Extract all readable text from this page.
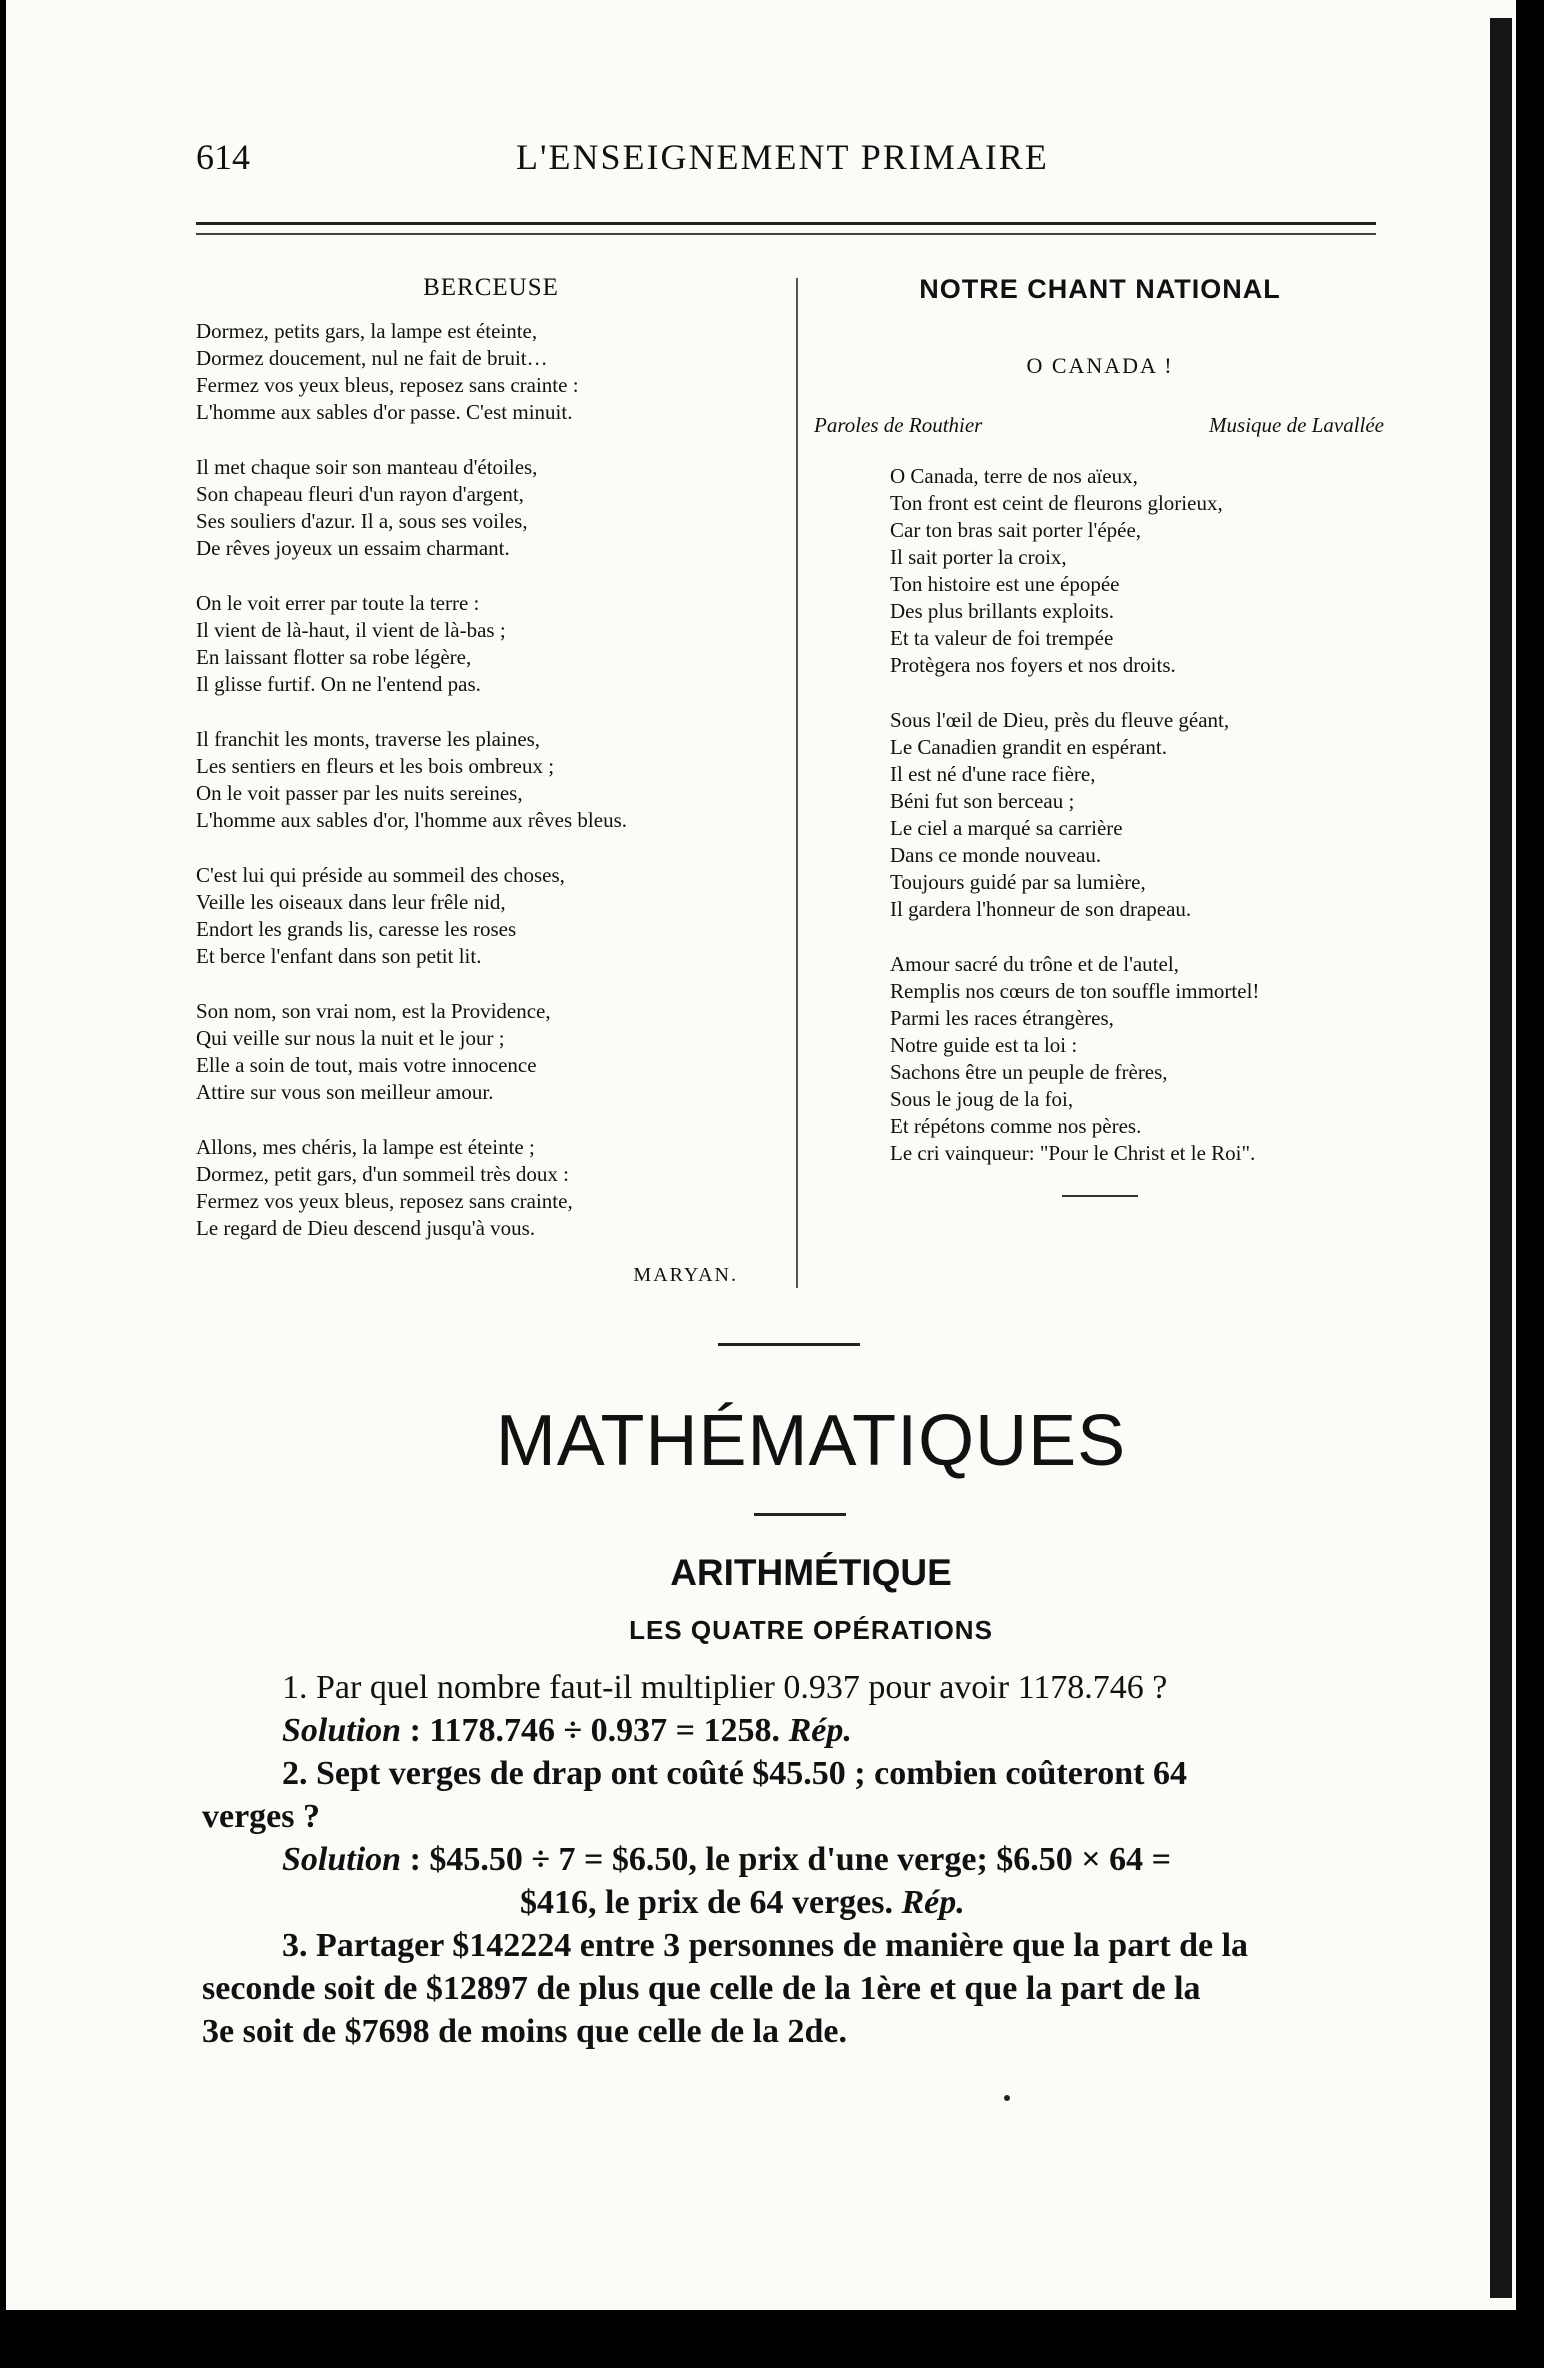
614	L'ENSEIGNEMENT PRIMAIRE
BERCEUSE
Dormez, petits gars, la lampe est éteinte,
Dormez doucement, nul ne fait de bruit…
Fermez vos yeux bleus, reposez sans crainte :
L'homme aux sables d'or passe. C'est minuit.
Il met chaque soir son manteau d'étoiles,
Son chapeau fleuri d'un rayon d'argent,
Ses souliers d'azur. Il a, sous ses voiles,
De rêves joyeux un essaim charmant.
On le voit errer par toute la terre :
Il vient de là-haut, il vient de là-bas ;
En laissant flotter sa robe légère,
Il glisse furtif. On ne l'entend pas.
Il franchit les monts, traverse les plaines,
Les sentiers en fleurs et les bois ombreux ;
On le voit passer par les nuits sereines,
L'homme aux sables d'or, l'homme aux rêves bleus.
C'est lui qui préside au sommeil des choses,
Veille les oiseaux dans leur frêle nid,
Endort les grands lis, caresse les roses
Et berce l'enfant dans son petit lit.
Son nom, son vrai nom, est la Providence,
Qui veille sur nous la nuit et le jour ;
Elle a soin de tout, mais votre innocence
Attire sur vous son meilleur amour.
Allons, mes chéris, la lampe est éteinte ;
Dormez, petit gars, d'un sommeil très doux :
Fermez vos yeux bleus, reposez sans crainte,
Le regard de Dieu descend jusqu'à vous.
MARYAN.
NOTRE CHANT NATIONAL
O CANADA !
Paroles de Routhier	Musique de Lavallée
O Canada, terre de nos aïeux,
Ton front est ceint de fleurons glorieux,
Car ton bras sait porter l'épée,
Il sait porter la croix,
Ton histoire est une épopée
Des plus brillants exploits.
Et ta valeur de foi trempée
Protègera nos foyers et nos droits.
Sous l'œil de Dieu, près du fleuve géant,
Le Canadien grandit en espérant.
Il est né d'une race fière,
Béni fut son berceau ;
Le ciel a marqué sa carrière
Dans ce monde nouveau.
Toujours guidé par sa lumière,
Il gardera l'honneur de son drapeau.
Amour sacré du trône et de l'autel,
Remplis nos cœurs de ton souffle immortel!
Parmi les races étrangères,
Notre guide est ta loi :
Sachons être un peuple de frères,
Sous le joug de la foi,
Et répétons comme nos pères.
Le cri vainqueur: "Pour le Christ et le Roi".
MATHÉMATIQUES
ARITHMÉTIQUE
LES QUATRE OPÉRATIONS
1. Par quel nombre faut-il multiplier 0.937 pour avoir 1178.746 ?
Solution : 1178.746 ÷ 0.937 = 1258. Rép.
2. Sept verges de drap ont coûté $45.50 ; combien coûteront 64
verges ?
Solution : $45.50 ÷ 7 = $6.50, le prix d'une verge; $6.50 × 64 =
$416, le prix de 64 verges. Rép.
3. Partager $142224 entre 3 personnes de manière que la part de la
seconde soit de $12897 de plus que celle de la 1ère et que la part de la
3e soit de $7698 de moins que celle de la 2de.
